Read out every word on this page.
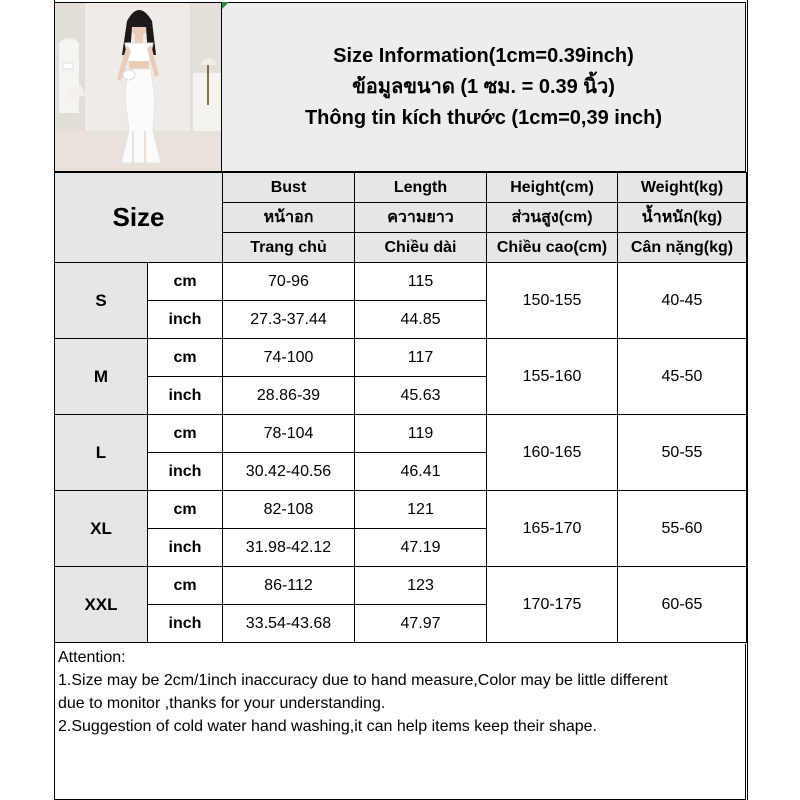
Size Information(1cm=0.39inch)
ข้อมูลขนาด (1 ซม. = 0.39 นิ้ว)
Thông tin kích thước (1cm=0,39 inch)
Size		Bust	Length	Height(cm)	Weight(kg)
		หน้าอก	ความยาว	ส่วนสูง(cm)	น้ำหนัก(kg)
		Trang chủ	Chiều dài	Chiều cao(cm)	Cân nặng(kg)
S	cm	70-96	115	150-155	40-45
	inch	27.3-37.44	44.85		
M	cm	74-100	117	155-160	45-50
	inch	28.86-39	45.63		
L	cm	78-104	119	160-165	50-55
	inch	30.42-40.56	46.41		
XL	cm	82-108	121	165-170	55-60
	inch	31.98-42.12	47.19		
XXL	cm	86-112	123	170-175	60-65
	inch	33.54-43.68	47.97		
Attention:
1.Size may be 2cm/1inch inaccuracy due to hand measure,Color may be little different
due to monitor ,thanks for your understanding.
2.Suggestion of cold water hand washing,it can help items keep their shape.
